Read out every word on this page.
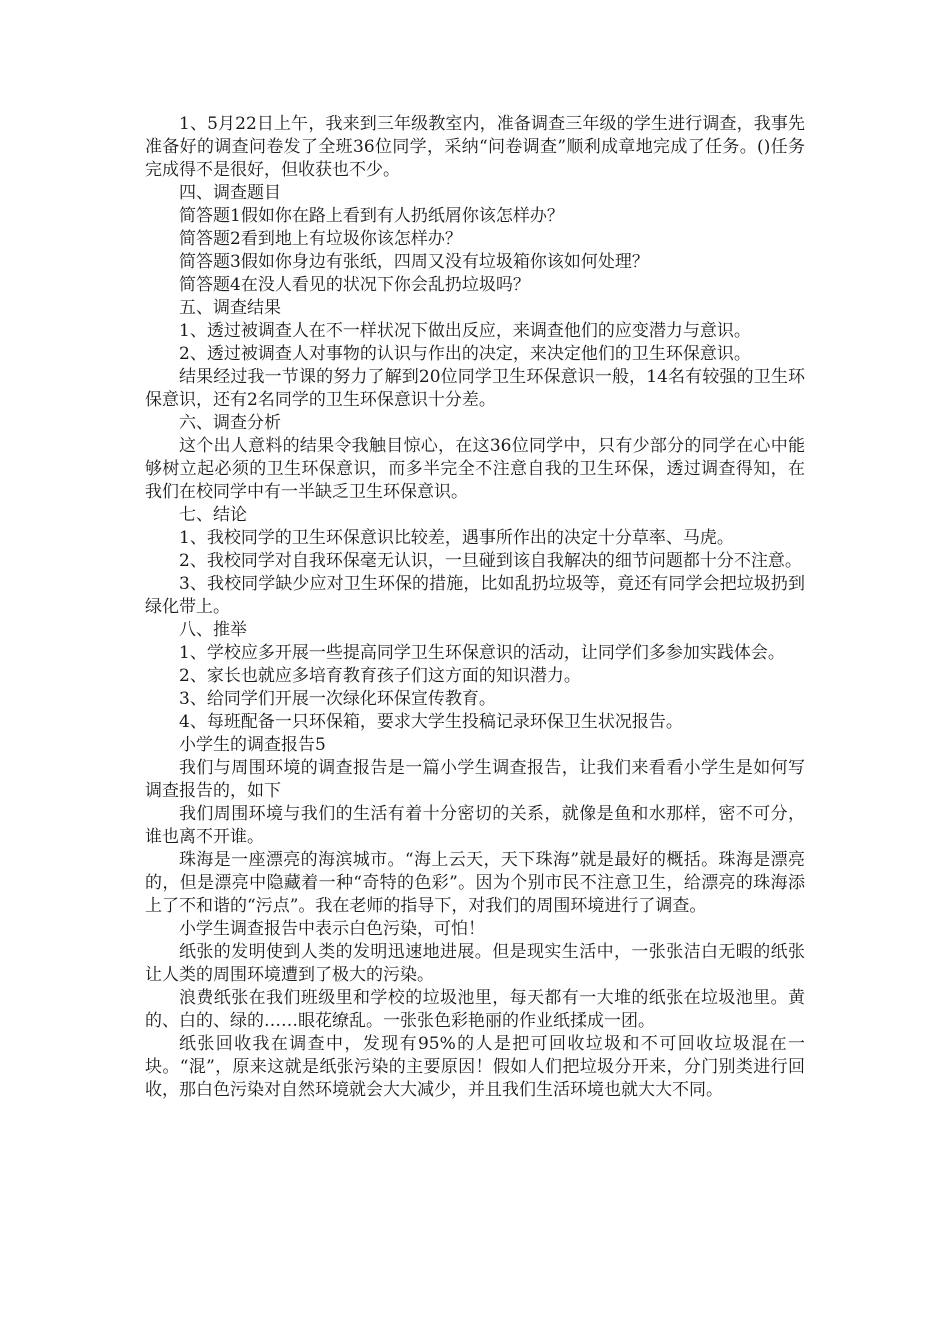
1、5月22日上午，我来到三年级教室内，准备调查三年级的学生进行调查，我事先准备好的调查问卷发了全班36位同学，采纳“问卷调查”顺利成章地完成了任务。()任务完成得不是很好，但收获也不少。

四、调查题目

简答题1假如你在路上看到有人扔纸屑你该怎样办？

简答题2看到地上有垃圾你该怎样办？

简答题3假如你身边有张纸，四周又没有垃圾箱你该如何处理？

简答题4在没人看见的状况下你会乱扔垃圾吗？

五、调查结果

1、透过被调查人在不一样状况下做出反应，来调查他们的应变潜力与意识。

2、透过被调查人对事物的认识与作出的决定，来决定他们的卫生环保意识。

结果经过我一节课的努力了解到20位同学卫生环保意识一般，14名有较强的卫生环保意识，还有2名同学的卫生环保意识十分差。

六、调查分析

这个出人意料的结果令我触目惊心，在这36位同学中，只有少部分的同学在心中能够树立起必须的卫生环保意识，而多半完全不注意自我的卫生环保，透过调查得知，在我们在校同学中有一半缺乏卫生环保意识。

七、结论

1、我校同学的卫生环保意识比较差，遇事所作出的决定十分草率、马虎。

2、我校同学对自我环保毫无认识，一旦碰到该自我解决的细节问题都十分不注意。

3、我校同学缺少应对卫生环保的措施，比如乱扔垃圾等，竟还有同学会把垃圾扔到绿化带上。

八、推举

1、学校应多开展一些提高同学卫生环保意识的活动，让同学们多参加实践体会。

2、家长也就应多培育教育孩子们这方面的知识潜力。

3、给同学们开展一次绿化环保宣传教育。

4、每班配备一只环保箱，要求大学生投稿记录环保卫生状况报告。

小学生的调查报告5

我们与周围环境的调查报告是一篇小学生调查报告，让我们来看看小学生是如何写调查报告的，如下

我们周围环境与我们的生活有着十分密切的关系，就像是鱼和水那样，密不可分，谁也离不开谁。

珠海是一座漂亮的海滨城市。“海上云天，天下珠海”就是最好的概括。珠海是漂亮的，但是漂亮中隐藏着一种“奇特的色彩”。因为个别市民不注意卫生，给漂亮的珠海添上了不和谐的“污点”。我在老师的指导下，对我们的周围环境进行了调查。

小学生调查报告中表示白色污染，可怕！

纸张的发明使到人类的发明迅速地进展。但是现实生活中，一张张洁白无暇的纸张让人类的周围环境遭到了极大的污染。

浪费纸张在我们班级里和学校的垃圾池里，每天都有一大堆的纸张在垃圾池里。黄的、白的、绿的……眼花缭乱。一张张色彩艳丽的作业纸揉成一团。

纸张回收我在调查中，发现有95%的人是把可回收垃圾和不可回收垃圾混在一块。“混”，原来这就是纸张污染的主要原因！假如人们把垃圾分开来，分门别类进行回收，那白色污染对自然环境就会大大减少，并且我们生活环境也就大大不同。
